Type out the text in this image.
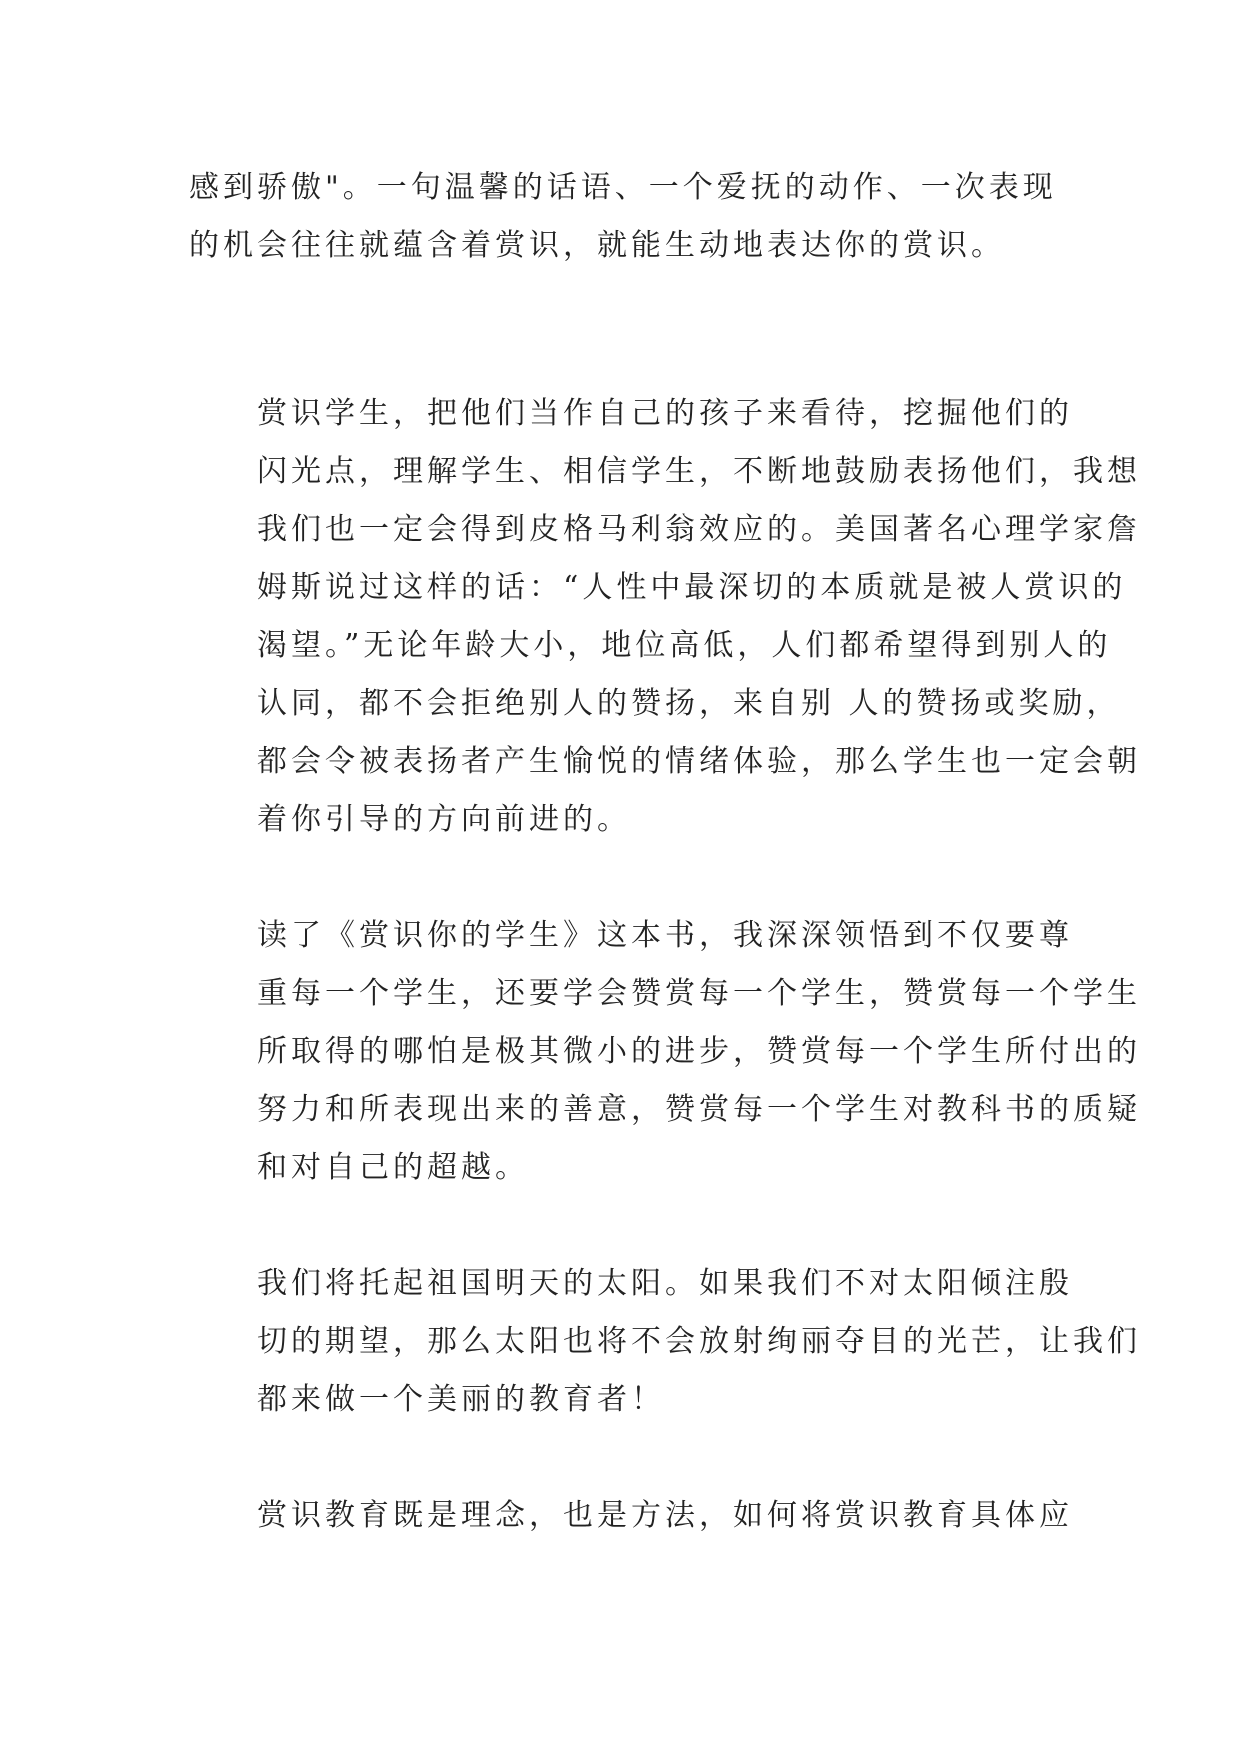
感到骄傲"。一句温馨的话语、一个爱抚的动作、一次表现
的机会往往就蕴含着赏识，就能生动地表达你的赏识。

赏识学生，把他们当作自己的孩子来看待，挖掘他们的
闪光点，理解学生、相信学生，不断地鼓励表扬他们，我想
我们也一定会得到皮格马利翁效应的。美国著名心理学家詹
姆斯说过这样的话：“人性中最深切的本质就是被人赏识的
渴望。”无论年龄大小，地位高低，人们都希望得到别人的
认同，都不会拒绝别人的赞扬，来自别 人的赞扬或奖励，
都会令被表扬者产生愉悦的情绪体验，那么学生也一定会朝
着你引导的方向前进的。

读了《赏识你的学生》这本书，我深深领悟到不仅要尊
重每一个学生，还要学会赞赏每一个学生，赞赏每一个学生
所取得的哪怕是极其微小的进步，赞赏每一个学生所付出的
努力和所表现出来的善意，赞赏每一个学生对教科书的质疑
和对自己的超越。

我们将托起祖国明天的太阳。如果我们不对太阳倾注殷
切的期望，那么太阳也将不会放射绚丽夺目的光芒，让我们
都来做一个美丽的教育者！

赏识教育既是理念，也是方法，如何将赏识教育具体应
